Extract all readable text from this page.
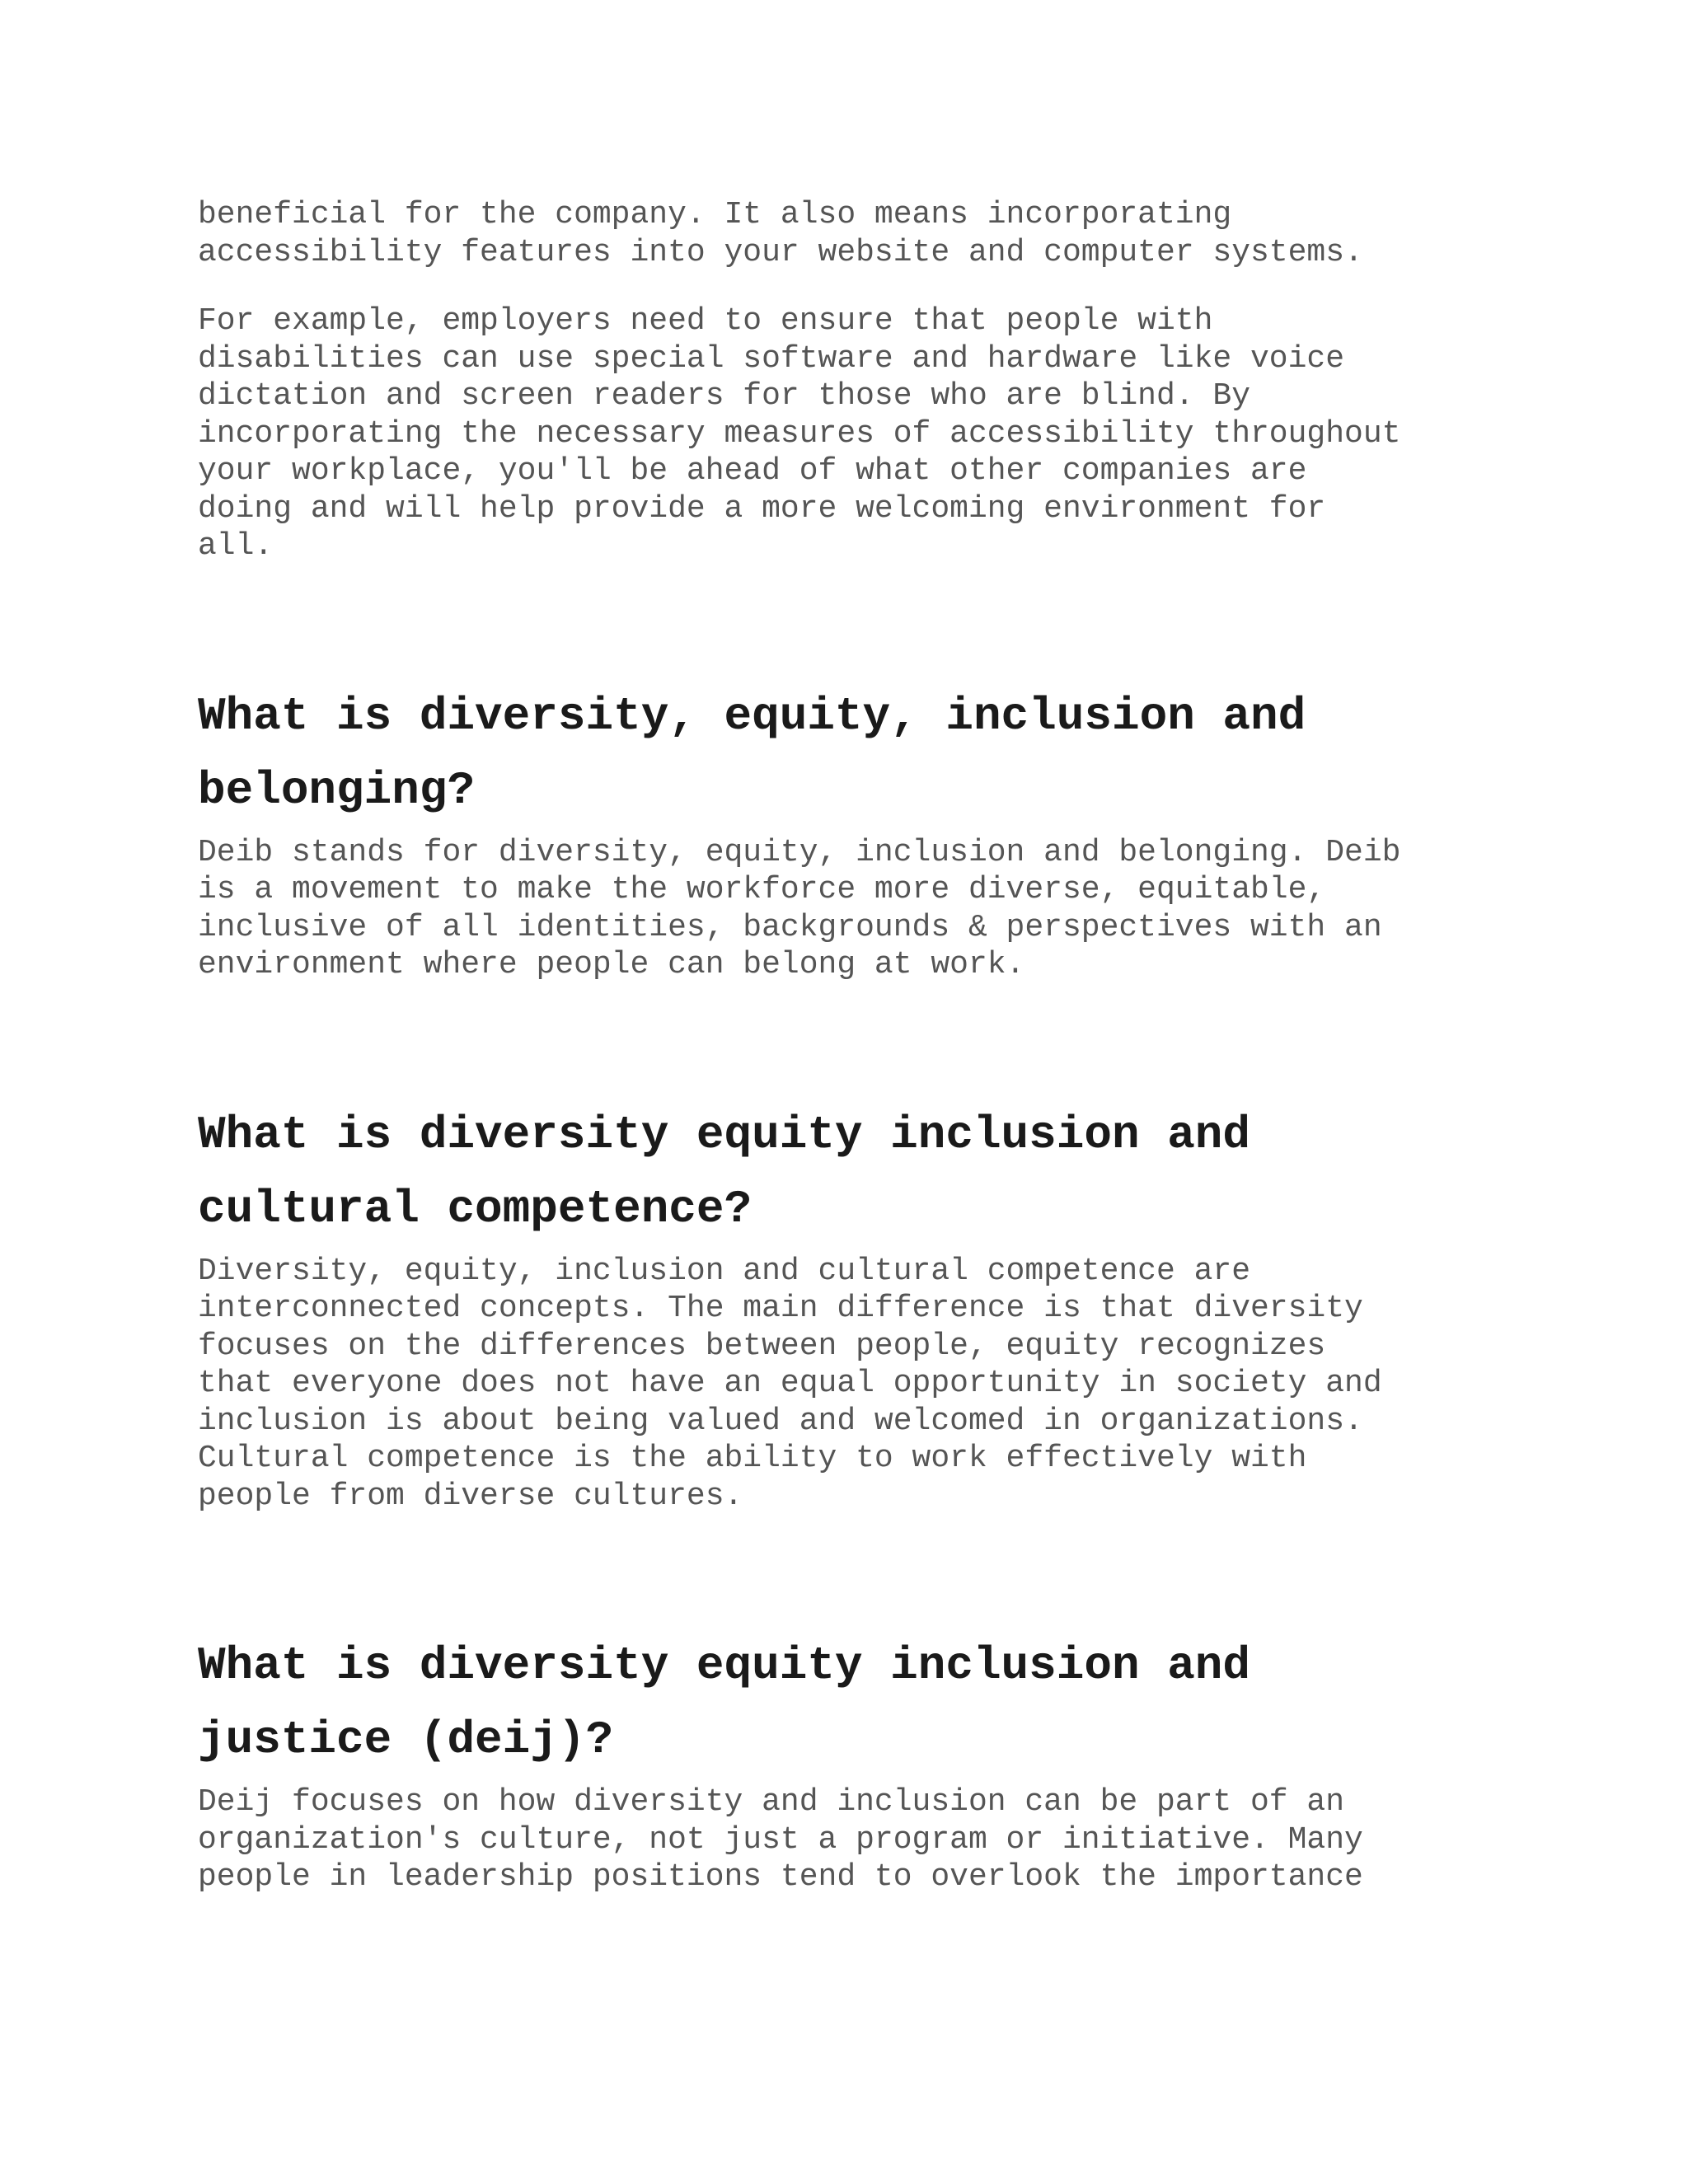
beneficial for the company. It also means incorporating
accessibility features into your website and computer systems.

For example, employers need to ensure that people with
disabilities can use special software and hardware like voice
dictation and screen readers for those who are blind. By
incorporating the necessary measures of accessibility throughout
your workplace, you'll be ahead of what other companies are
doing and will help provide a more welcoming environment for
all.

What is diversity, equity, inclusion and
belonging?

Deib stands for diversity, equity, inclusion and belonging. Deib
is a movement to make the workforce more diverse, equitable,
inclusive of all identities, backgrounds & perspectives with an
environment where people can belong at work.

What is diversity equity inclusion and
cultural competence?

Diversity, equity, inclusion and cultural competence are
interconnected concepts. The main difference is that diversity
focuses on the differences between people, equity recognizes
that everyone does not have an equal opportunity in society and
inclusion is about being valued and welcomed in organizations.
Cultural competence is the ability to work effectively with
people from diverse cultures.

What is diversity equity inclusion and
justice (deij)?

Deij focuses on how diversity and inclusion can be part of an
organization's culture, not just a program or initiative. Many
people in leadership positions tend to overlook the importance
